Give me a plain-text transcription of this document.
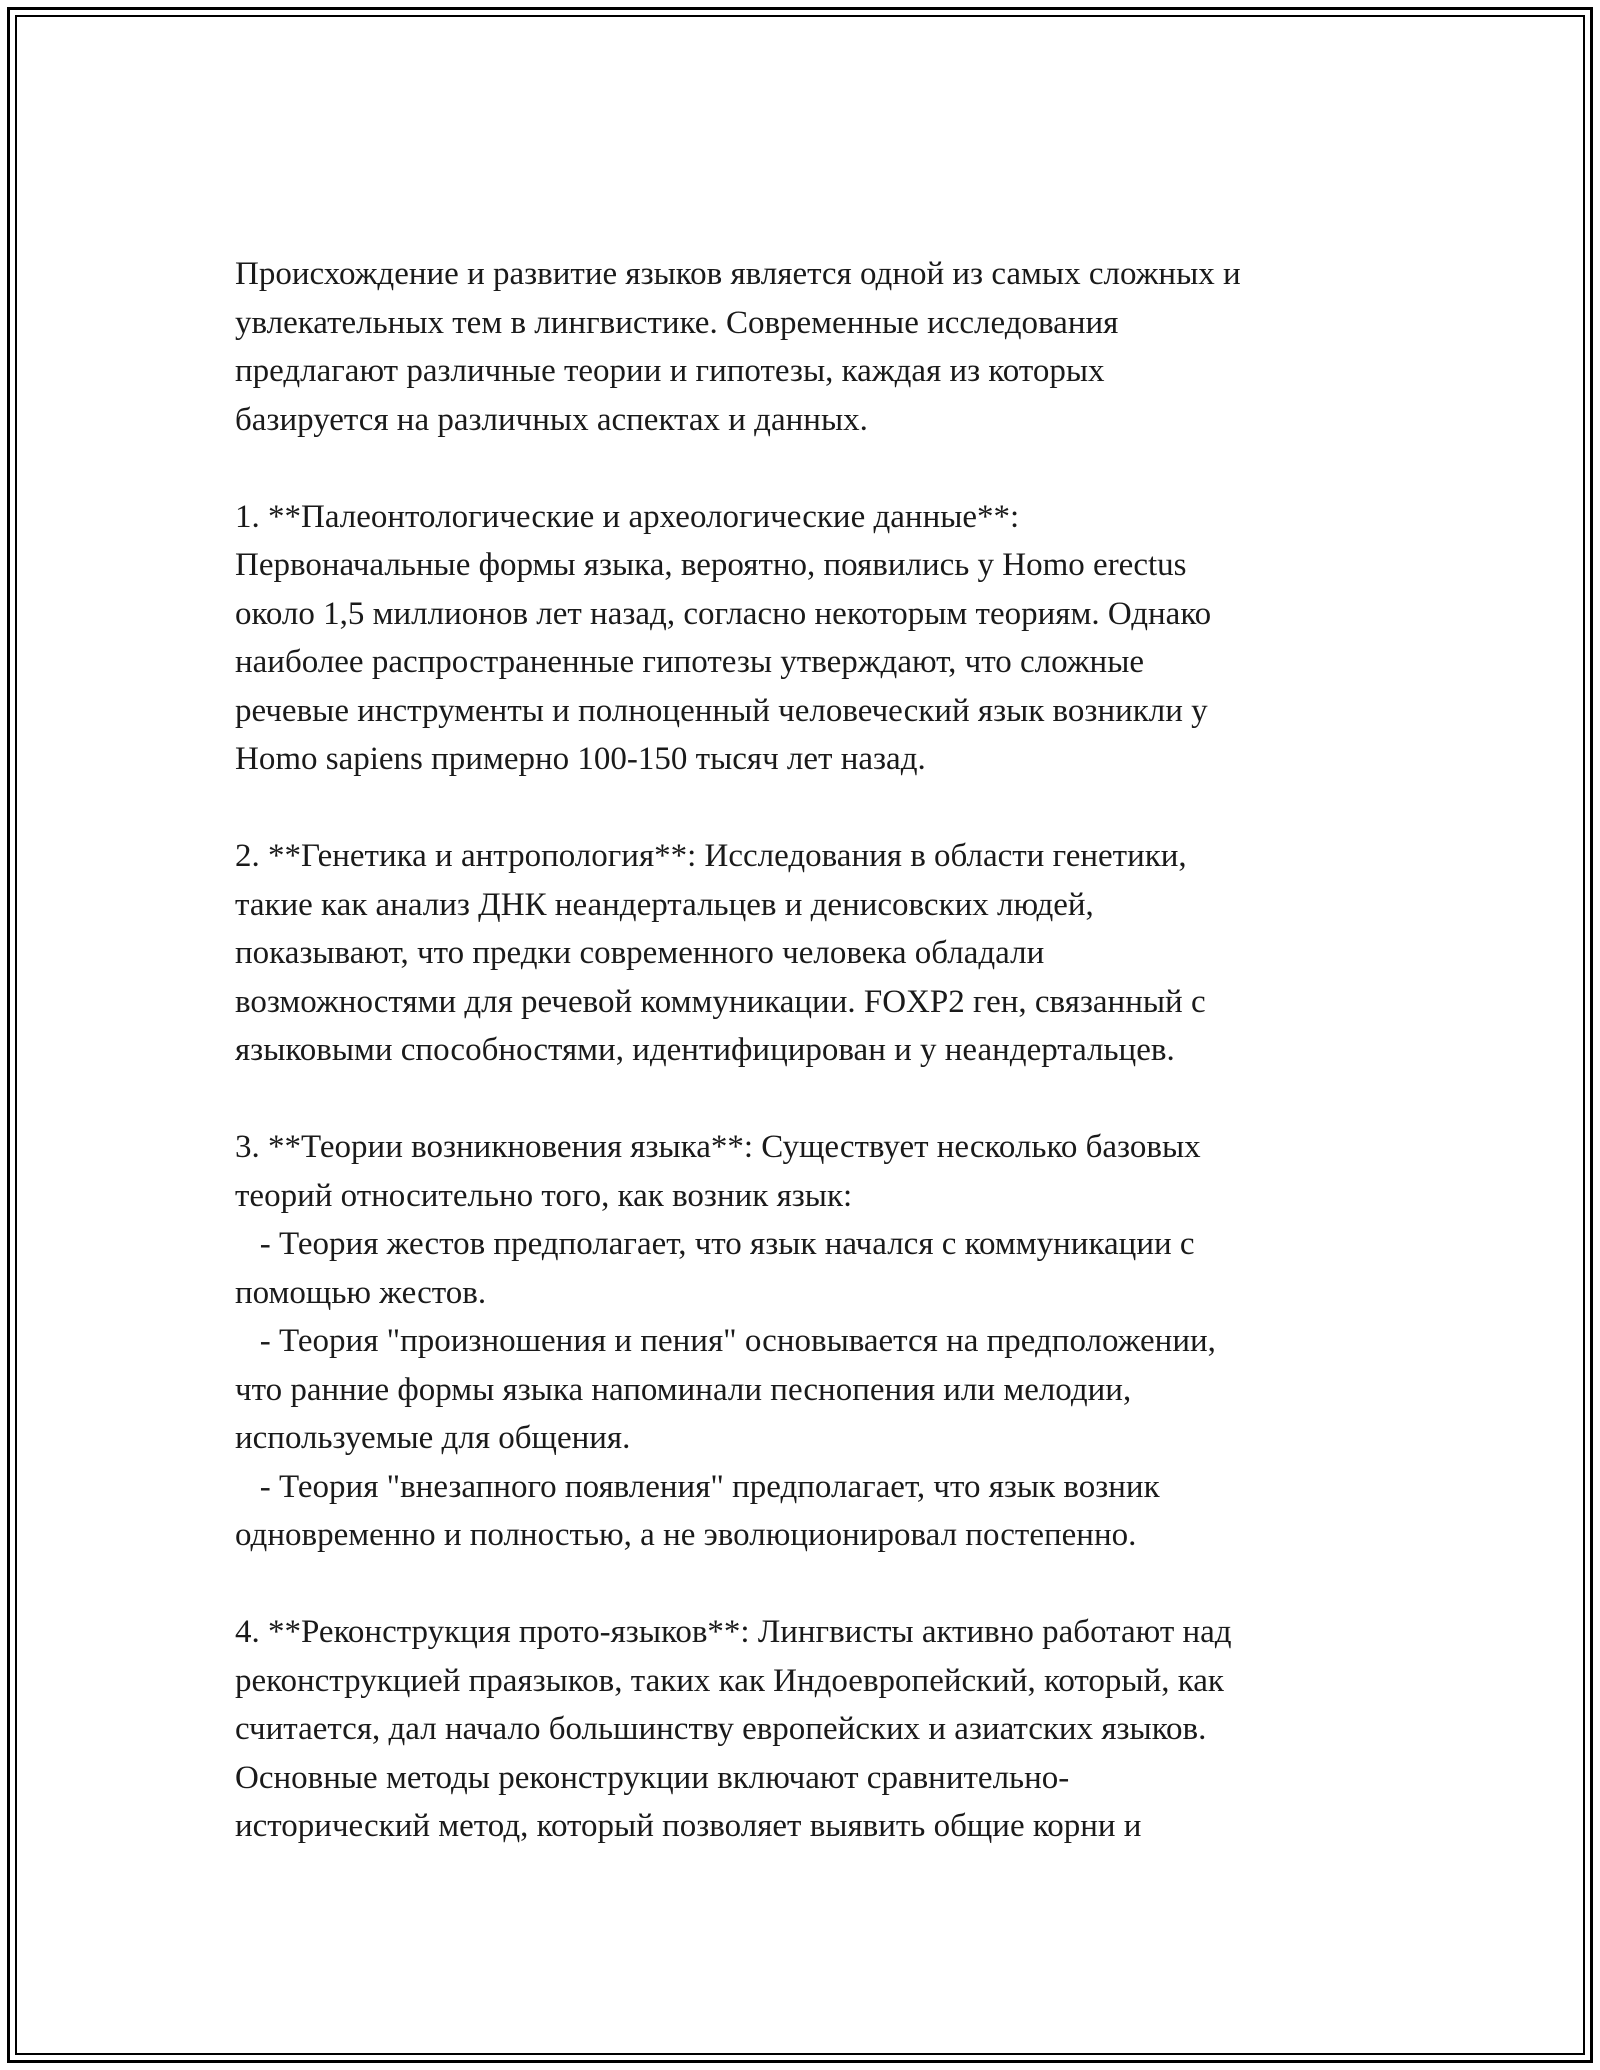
Происхождение и развитие языков является одной из самых сложных и
увлекательных тем в лингвистике. Современные исследования
предлагают различные теории и гипотезы, каждая из которых
базируется на различных аспектах и данных.

1. **Палеонтологические и археологические данные**:
Первоначальные формы языка, вероятно, появились у Homo erectus
около 1,5 миллионов лет назад, согласно некоторым теориям. Однако
наиболее распространенные гипотезы утверждают, что сложные
речевые инструменты и полноценный человеческий язык возникли у
Homo sapiens примерно 100-150 тысяч лет назад.

2. **Генетика и антропология**: Исследования в области генетики,
такие как анализ ДНК неандертальцев и денисовских людей,
показывают, что предки современного человека обладали
возможностями для речевой коммуникации. FOXP2 ген, связанный с
языковыми способностями, идентифицирован и у неандертальцев.

3. **Теории возникновения языка**: Существует несколько базовых
теорий относительно того, как возник язык:
- Теория жестов предполагает, что язык начался с коммуникации с
помощью жестов.
- Теория "произношения и пения" основывается на предположении,
что ранние формы языка напоминали песнопения или мелодии,
используемые для общения.
- Теория "внезапного появления" предполагает, что язык возник
одновременно и полностью, а не эволюционировал постепенно.

4. **Реконструкция прото-языков**: Лингвисты активно работают над
реконструкцией праязыков, таких как Индоевропейский, который, как
считается, дал начало большинству европейских и азиатских языков.
Основные методы реконструкции включают сравнительно-
исторический метод, который позволяет выявить общие корни и
